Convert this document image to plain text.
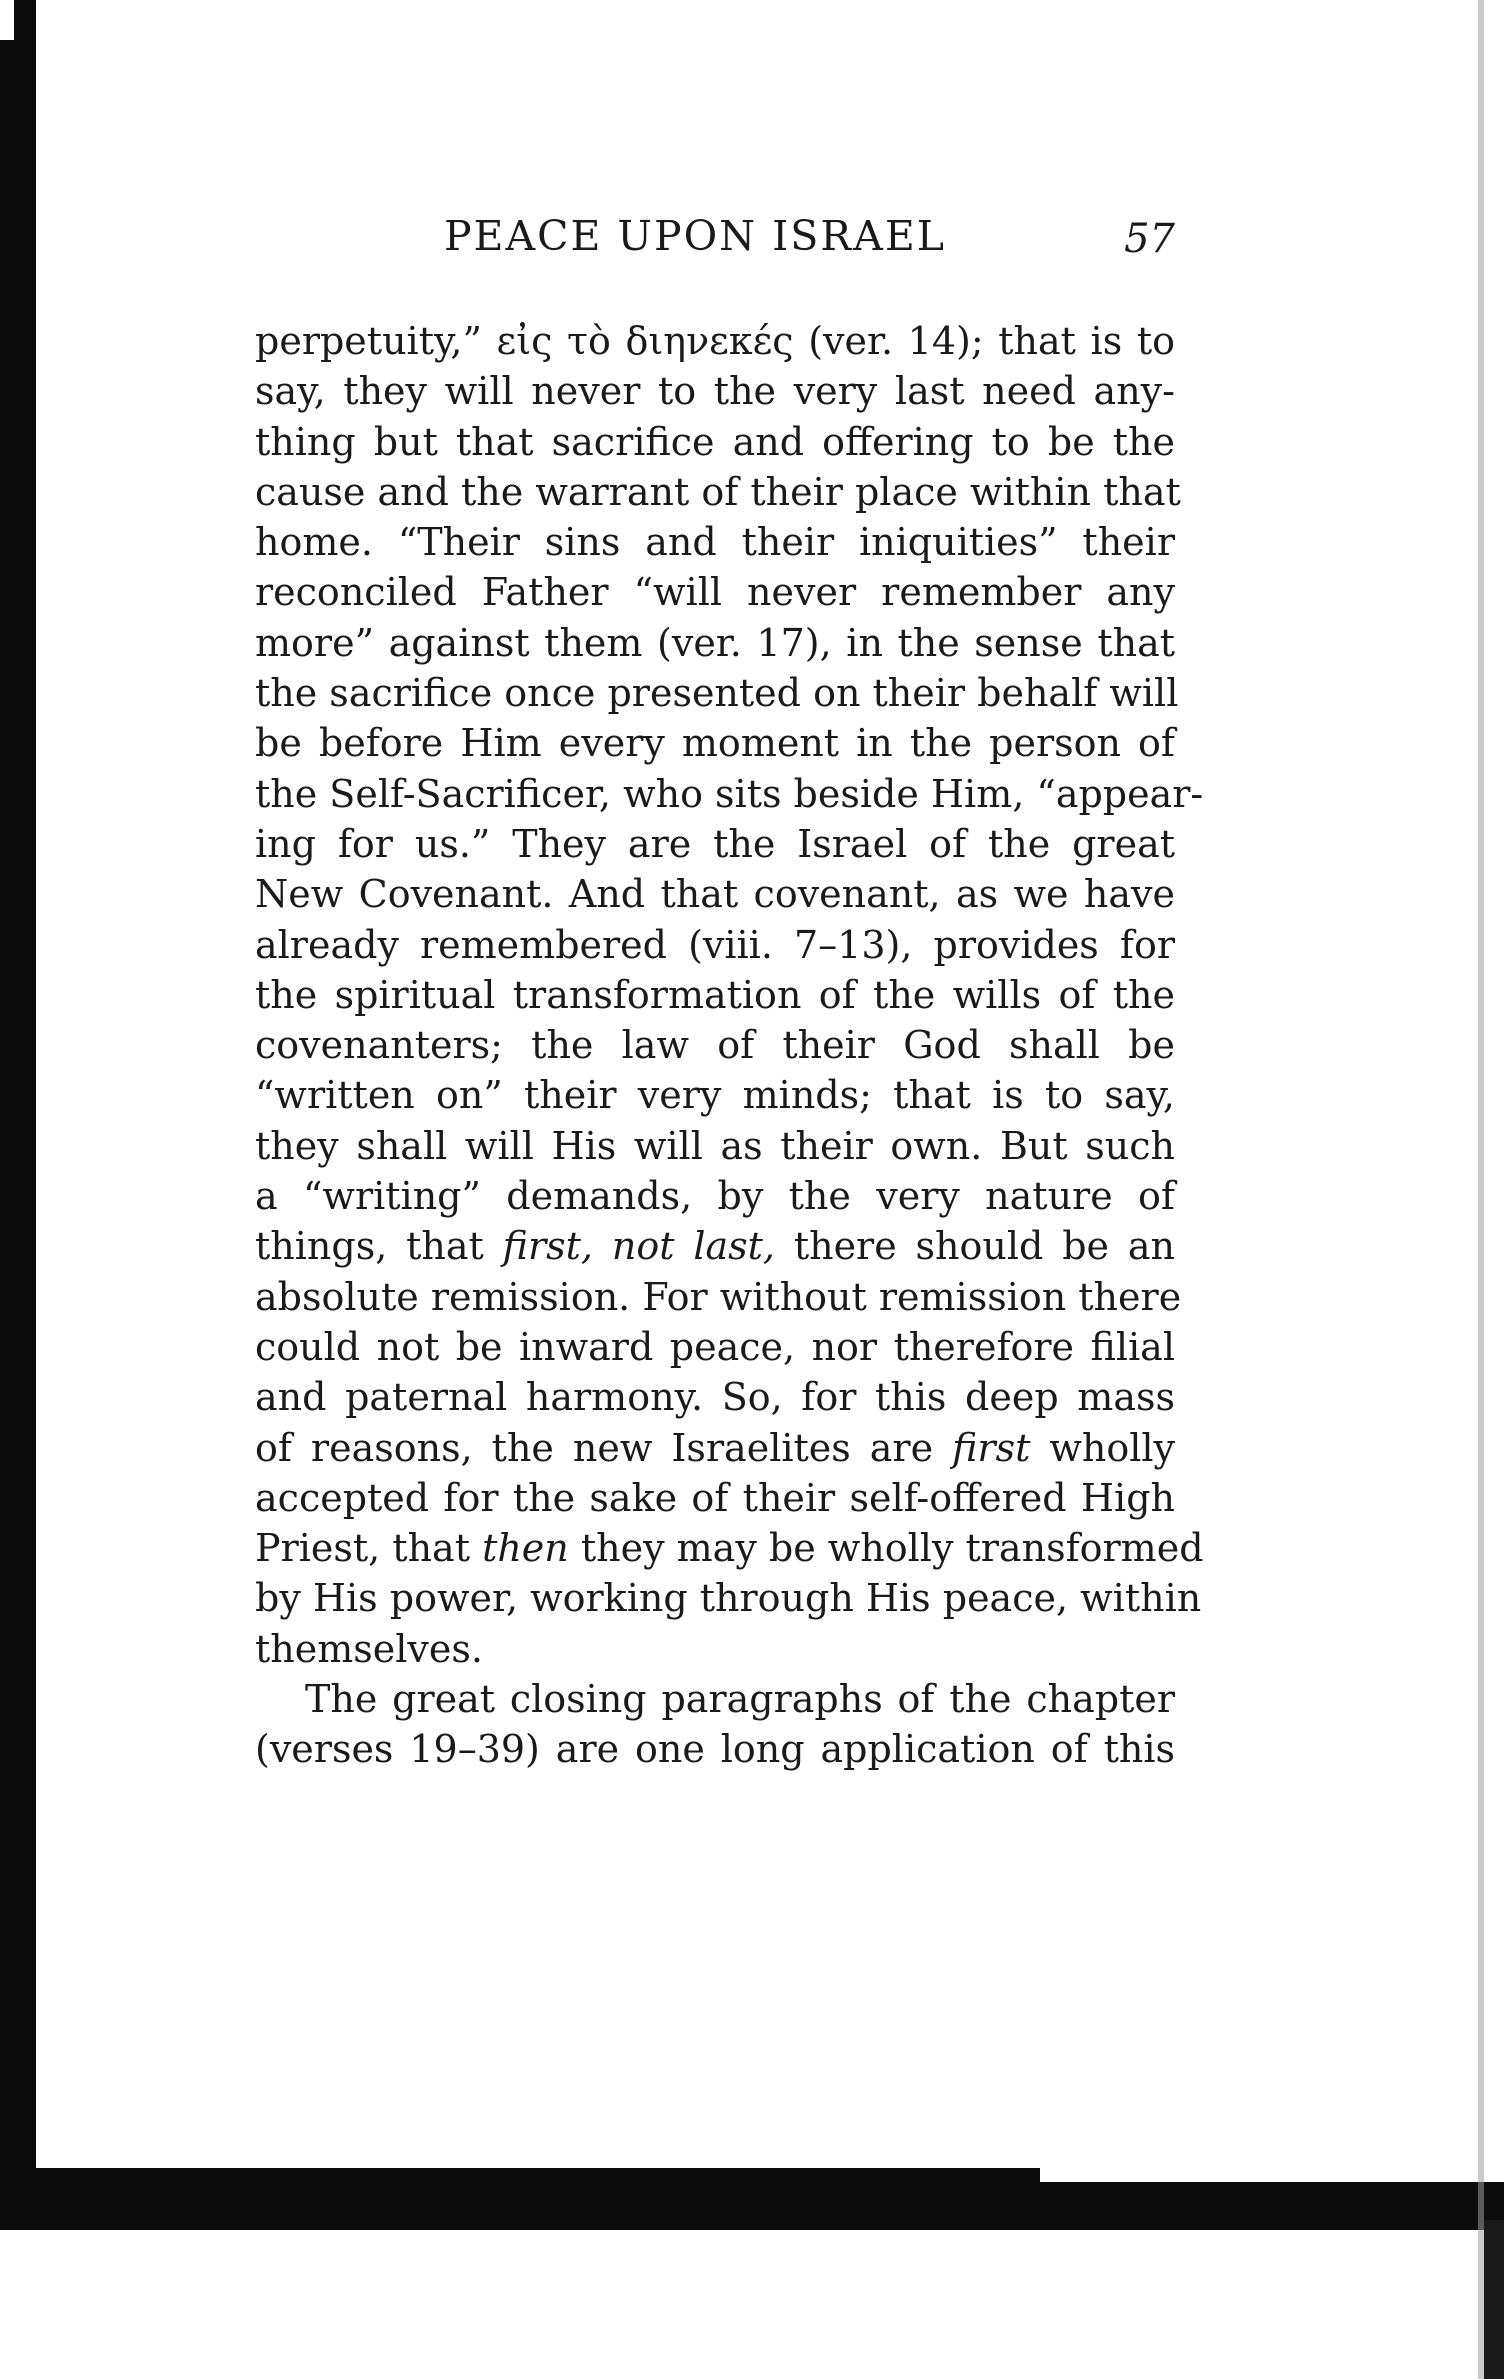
PEACE UPON ISRAEL	57

perpetuity,” εἰς τὸ διηνεκές (ver. 14); that is to
say, they will never to the very last need any-
thing but that sacrifice and offering to be the
cause and the warrant of their place within that
home. “Their sins and their iniquities” their
reconciled Father “will never remember any
more” against them (ver. 17), in the sense that
the sacrifice once presented on their behalf will
be before Him every moment in the person of
the Self-Sacrificer, who sits beside Him, “appear-
ing for us.” They are the Israel of the great
New Covenant. And that covenant, as we have
already remembered (viii. 7–13), provides for
the spiritual transformation of the wills of the
covenanters; the law of their God shall be
“written on” their very minds; that is to say,
they shall will His will as their own. But such
a “writing” demands, by the very nature of
things, that first, not last, there should be an
absolute remission. For without remission there
could not be inward peace, nor therefore filial
and paternal harmony. So, for this deep mass
of reasons, the new Israelites are first wholly
accepted for the sake of their self-offered High
Priest, that then they may be wholly transformed
by His power, working through His peace, within
themselves.

The great closing paragraphs of the chapter
(verses 19–39) are one long application of this
